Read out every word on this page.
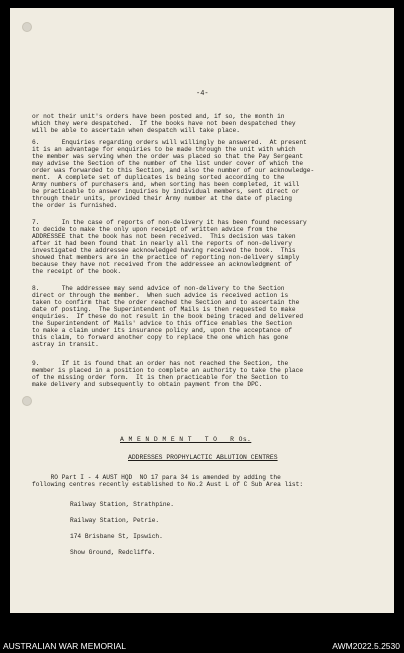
-4-
or not their unit's orders have been posted and, if so, the month in
which they were despatched.  If the books have not been despatched they
will be able to ascertain when despatch will take place.
6.      Enquiries regarding orders will willingly be answered.  At present
it is an advantage for enquiries to be made through the unit with which
the member was serving when the order was placed so that the Pay Sergeant
may advise the Section of the number of the list under cover of which the
order was forwarded to this Section, and also the number of our acknowledge-
ment.  A complete set of duplicates is being sorted according to the
Army numbers of purchasers and, when sorting has been completed, it will
be practicable to answer inquiries by individual members, sent direct or
through their units, provided their Army number at the date of placing
the order is furnished.
7.      In the case of reports of non-delivery it has been found necessary
to decide to make the only upon receipt of written advice from the
ADDRESSEE that the book has not been received.  This decision was taken
after it had been found that in nearly all the reports of non-delivery
investigated the addressee acknowledged having received the book.  This
showed that members are in the practice of reporting non-delivery simply
because they have not received from the addressee an acknowledgment of
the receipt of the book.
8.      The addressee may send advice of non-delivery to the Section
direct or through the member.  When such advice is received action is
taken to confirm that the order reached the Section and to ascertain the
date of posting.  The Superintendent of Mails is then requested to make
enquiries.  If these do not result in the book being traced and delivered
the Superintendent of Mails' advice to this office enables the Section
to make a claim under its insurance policy and, upon the acceptance of
this claim, to forward another copy to replace the one which has gone
astray in transit.
9.      If it is found that an order has not reached the Section, the
member is placed in a position to complete an authority to take the place
of the missing order form.  It is then practicable for the Section to
make delivery and subsequently to obtain payment from the DPC.
RO Part I - 4 AUST HQD  NO 17 para 34 is amended by adding the
following centres recently established to No.2 Aust L of C Sub Area list:
Railway Station, Strathpine.
Railway Station, Petrie.
174 Brisbane St, Ipswich.
Show Ground, Redcliffe.
A M E N D M E N T   T O   R Os.
ADDRESSES PROPHYLACTIC ABLUTION CENTRES
AUSTRALIAN WAR MEMORIAL	AWM2022.5.2530
